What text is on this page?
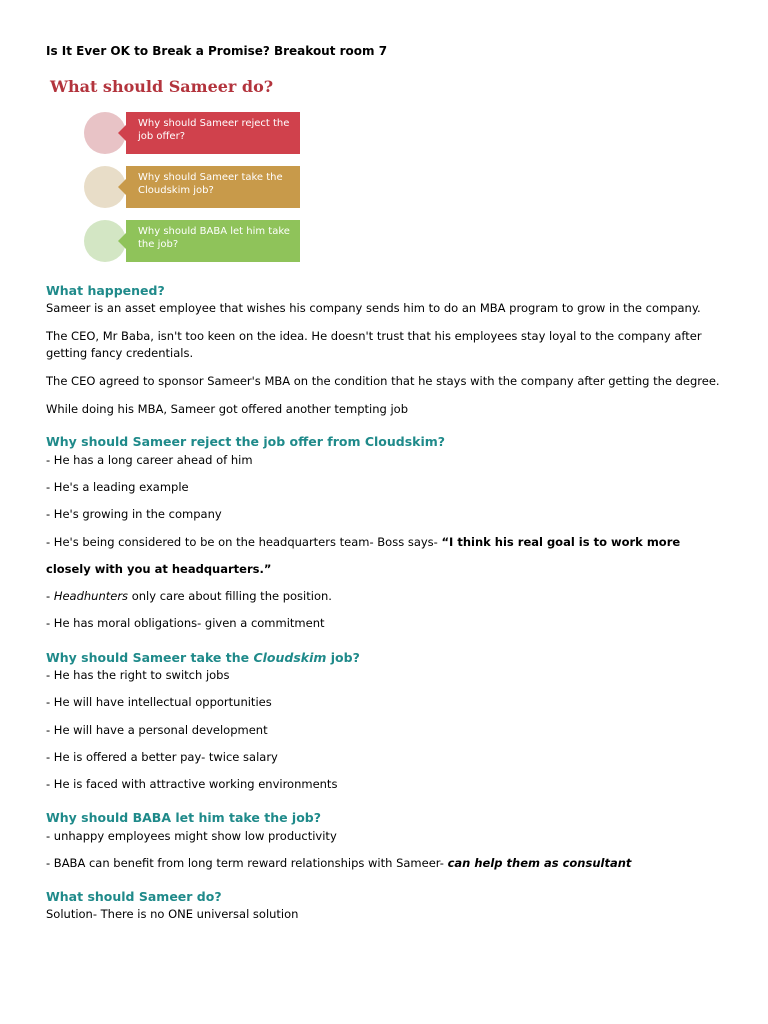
Is It Ever OK to Break a Promise? Breakout room 7
What should Sameer do?
Why should Sameer reject the job offer?
Why should Sameer take the Cloudskim job?
Why should BABA let him take the job?
What happened?
Sameer is an asset employee that wishes his company sends him to do an MBA program to grow in the company.
The CEO, Mr Baba, isn't too keen on the idea. He doesn't trust that his employees stay loyal to the company after getting fancy credentials.
The CEO agreed to sponsor Sameer's MBA on the condition that he stays with the company after getting the degree.
While doing his MBA, Sameer got offered another tempting job
Why should Sameer reject the job offer from Cloudskim?
- He has a long career ahead of him
- He's a leading example
- He's growing in the company
- He's being considered to be on the headquarters team- Boss says- “I think his real goal is to work more
closely with you at headquarters.”
- Headhunters only care about filling the position.
- He has moral obligations- given a commitment
Why should Sameer take the Cloudskim job?
- He has the right to switch jobs
- He will have intellectual opportunities
- He will have a personal development
- He is offered a better pay- twice salary
- He is faced with attractive working environments
Why should BABA let him take the job?
- unhappy employees might show low productivity
- BABA can benefit from long term reward relationships with Sameer- can help them as consultant
What should Sameer do?
Solution- There is no ONE universal solution
